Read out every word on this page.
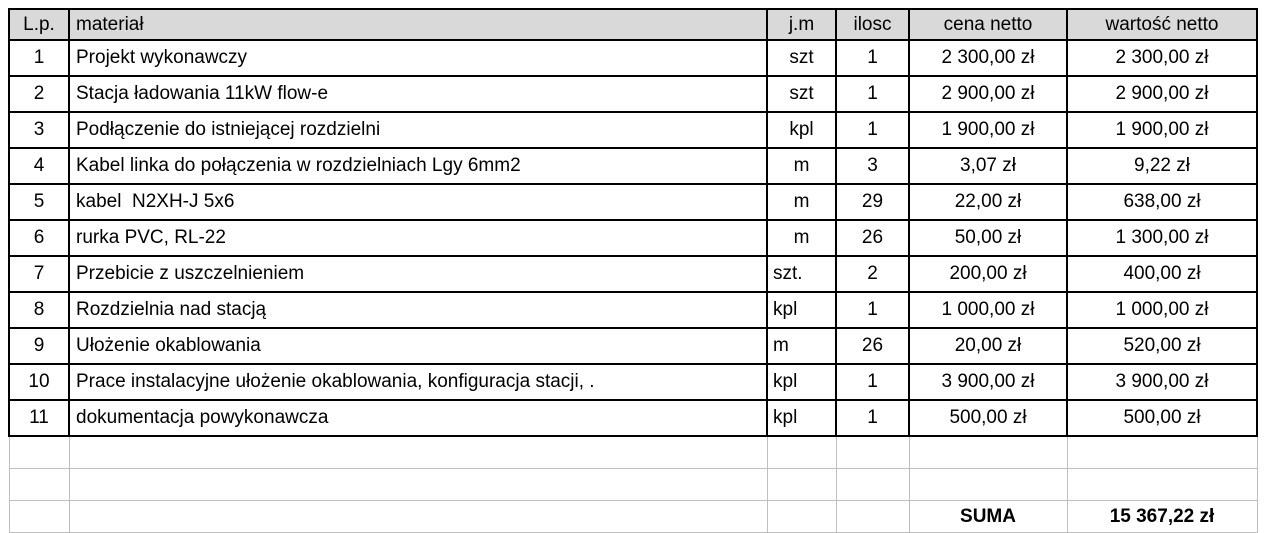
L.p.	materiał	j.m	ilosc	cena netto	wartość netto
1	Projekt wykonawczy	szt	1	2 300,00 zł	2 300,00 zł
2	Stacja ładowania 11kW flow-e	szt	1	2 900,00 zł	2 900,00 zł
3	Podłączenie do istniejącej rozdzielni	kpl	1	1 900,00 zł	1 900,00 zł
4	Kabel linka do połączenia w rozdzielniach Lgy 6mm2	m	3	3,07 zł	9,22 zł
5	kabel  N2XH-J 5x6	m	29	22,00 zł	638,00 zł
6	rurka PVC, RL-22	m	26	50,00 zł	1 300,00 zł
7	Przebicie z uszczelnieniem	szt.	2	200,00 zł	400,00 zł
8	Rozdzielnia nad stacją	kpl	1	1 000,00 zł	1 000,00 zł
9	Ułożenie okablowania	m	26	20,00 zł	520,00 zł
10	Prace instalacyjne ułożenie okablowania, konfiguracja stacji, .	kpl	1	3 900,00 zł	3 900,00 zł
11	dokumentacja powykonawcza	kpl	1	500,00 zł	500,00 zł

				SUMA	15 367,22 zł
